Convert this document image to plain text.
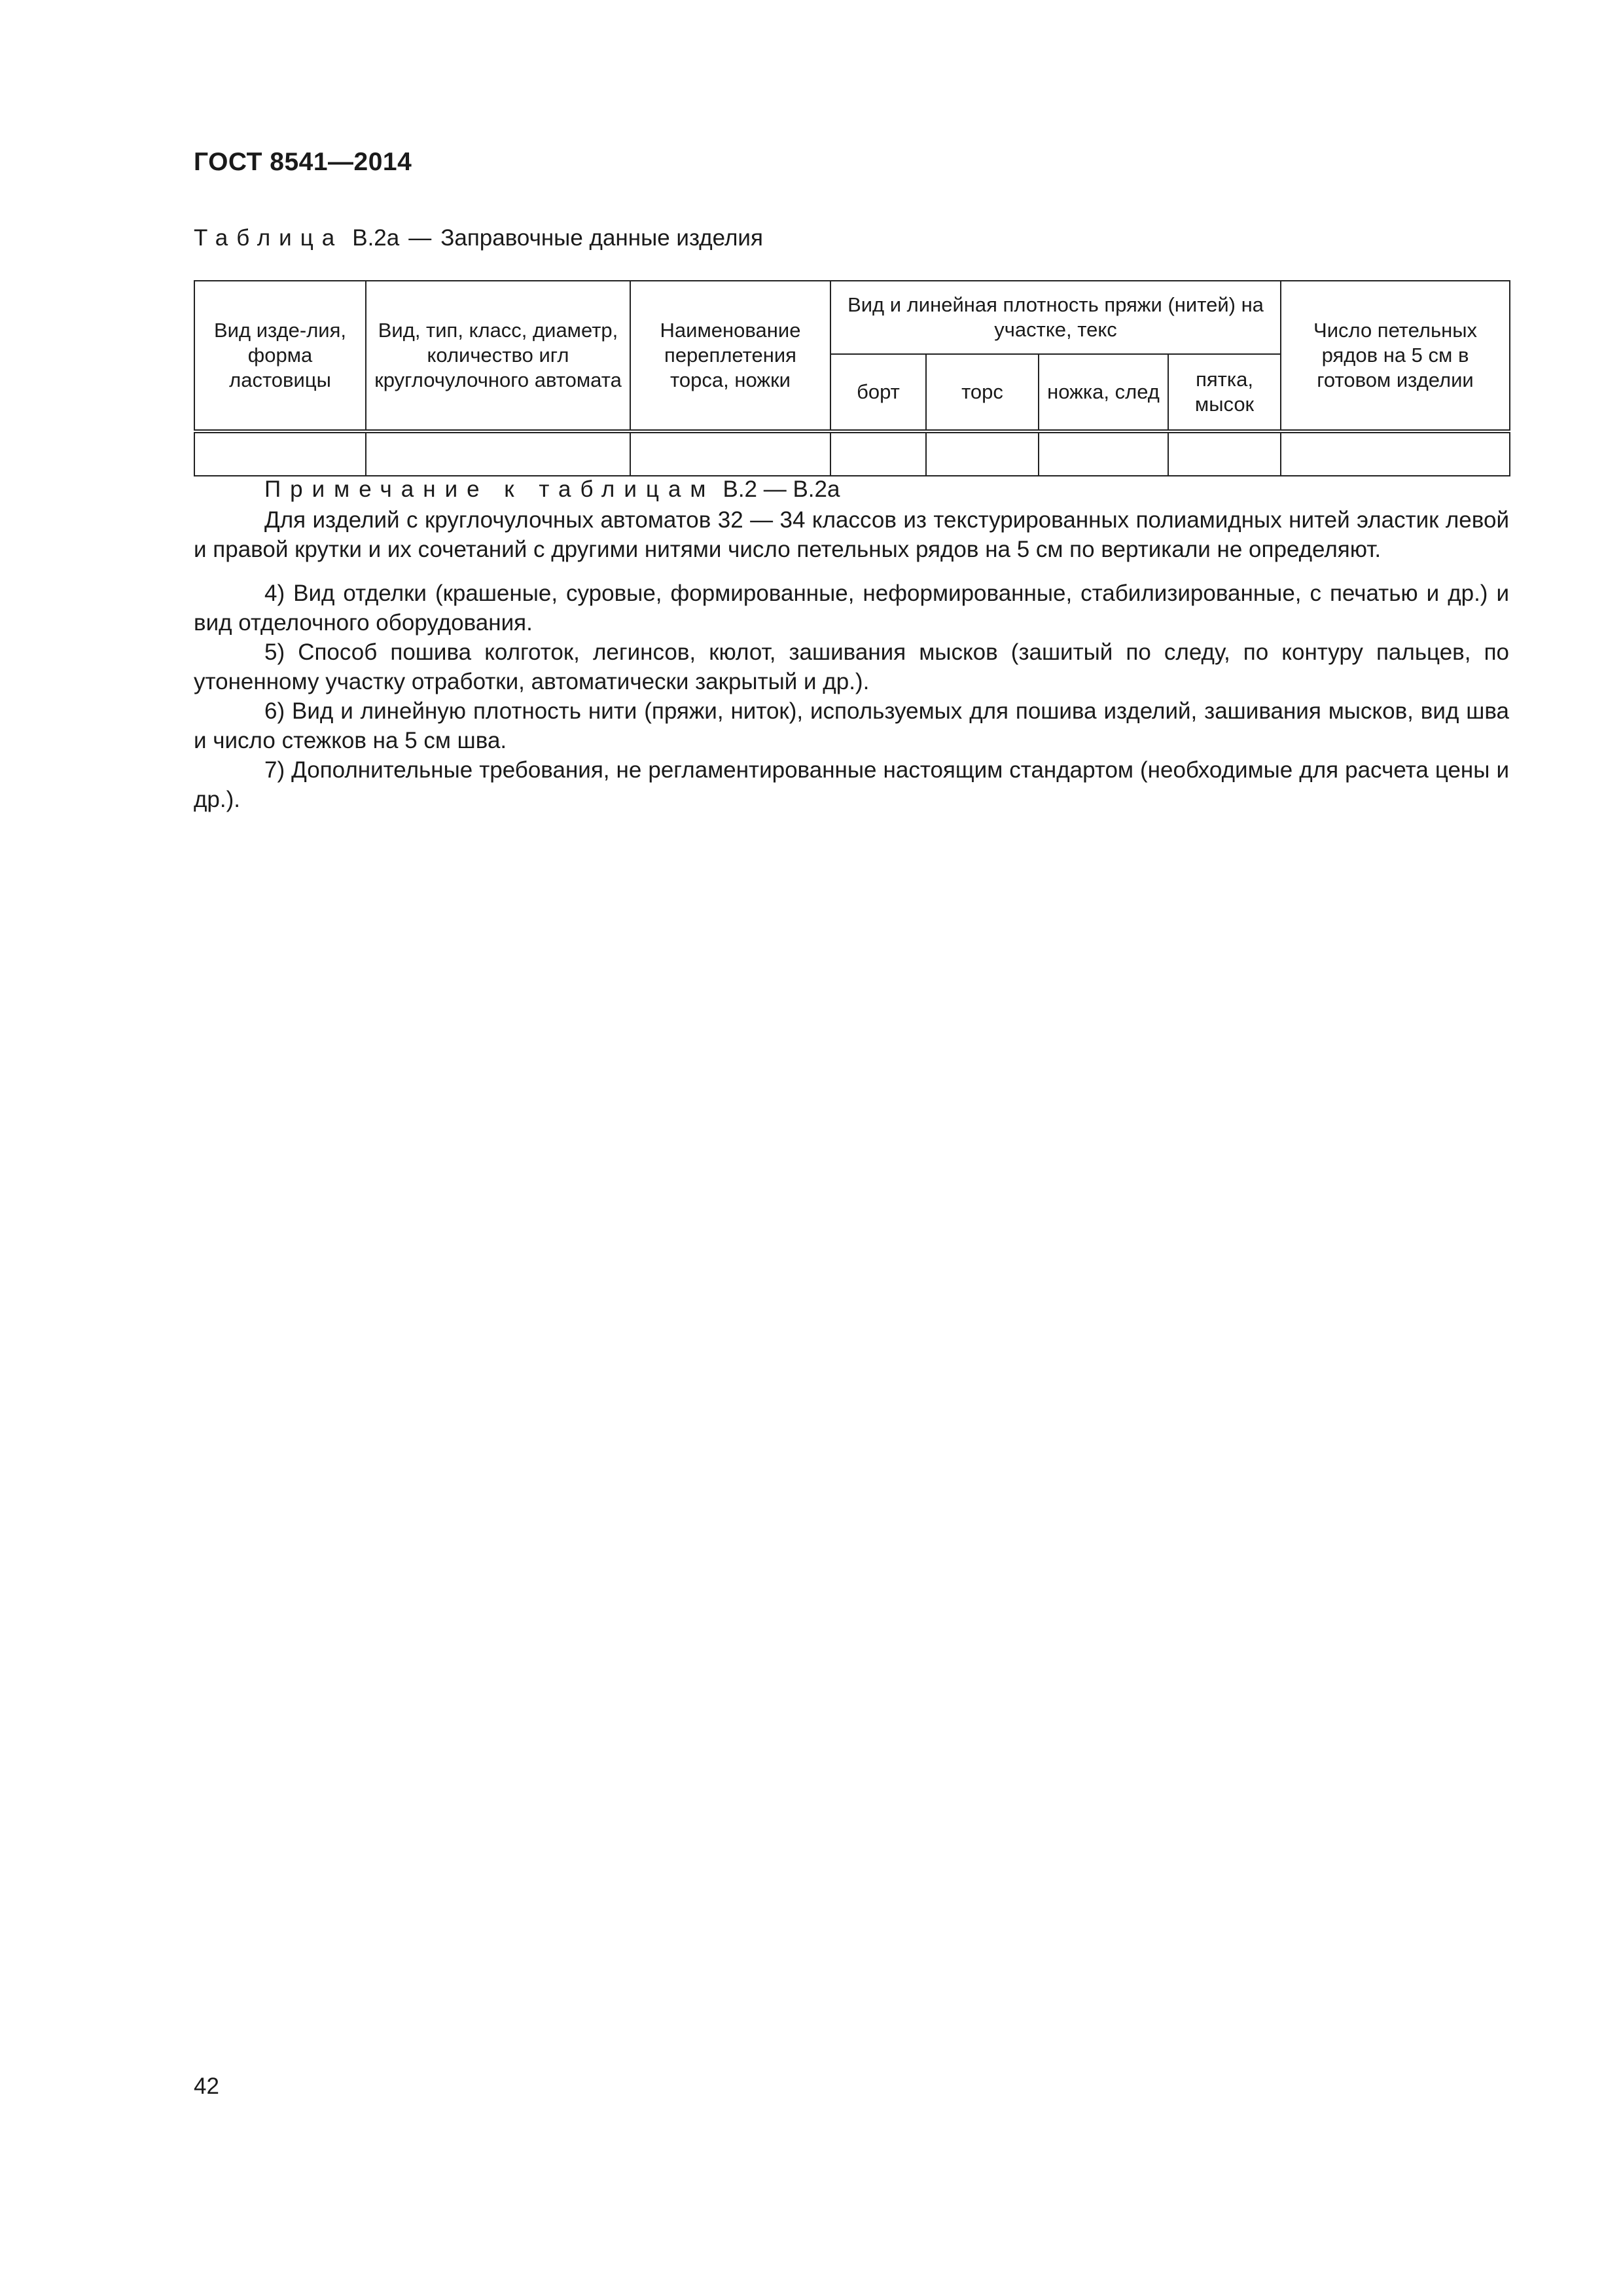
ГОСТ 8541—2014
Таблица В.2а — Заправочные данные изделия
Вид изде-лия, форма ластовицы	Вид, тип, класс, диаметр, количество игл круглочулочного автомата	Наименование переплетения торса, ножки	Вид и линейная плотность пряжи (нитей) на участке, текс				Число петельных рядов на 5 см в готовом изделии
			борт	торс	ножка, след	пятка, мысок	

Примечание к таблицам В.2 — В.2а
Для изделий с круглочулочных автоматов 32 — 34 классов из текстурированных полиамидных нитей эластик левой и правой крутки и их сочетаний с другими нитями число петельных рядов на 5 см по вертикали не определяют.
4) Вид отделки (крашеные, суровые, формированные, неформированные, стабилизированные, с печатью и др.) и вид отделочного оборудования.
5) Способ пошива колготок, легинсов, кюлот, зашивания мысков (зашитый по следу, по контуру пальцев, по утоненному участку отработки, автоматически закрытый и др.).
6) Вид и линейную плотность нити (пряжи, ниток), используемых для пошива изделий, зашивания мысков, вид шва и число стежков на 5 см шва.
7) Дополнительные требования, не регламентированные настоящим стандартом (необходимые для расчета цены и др.).
42
